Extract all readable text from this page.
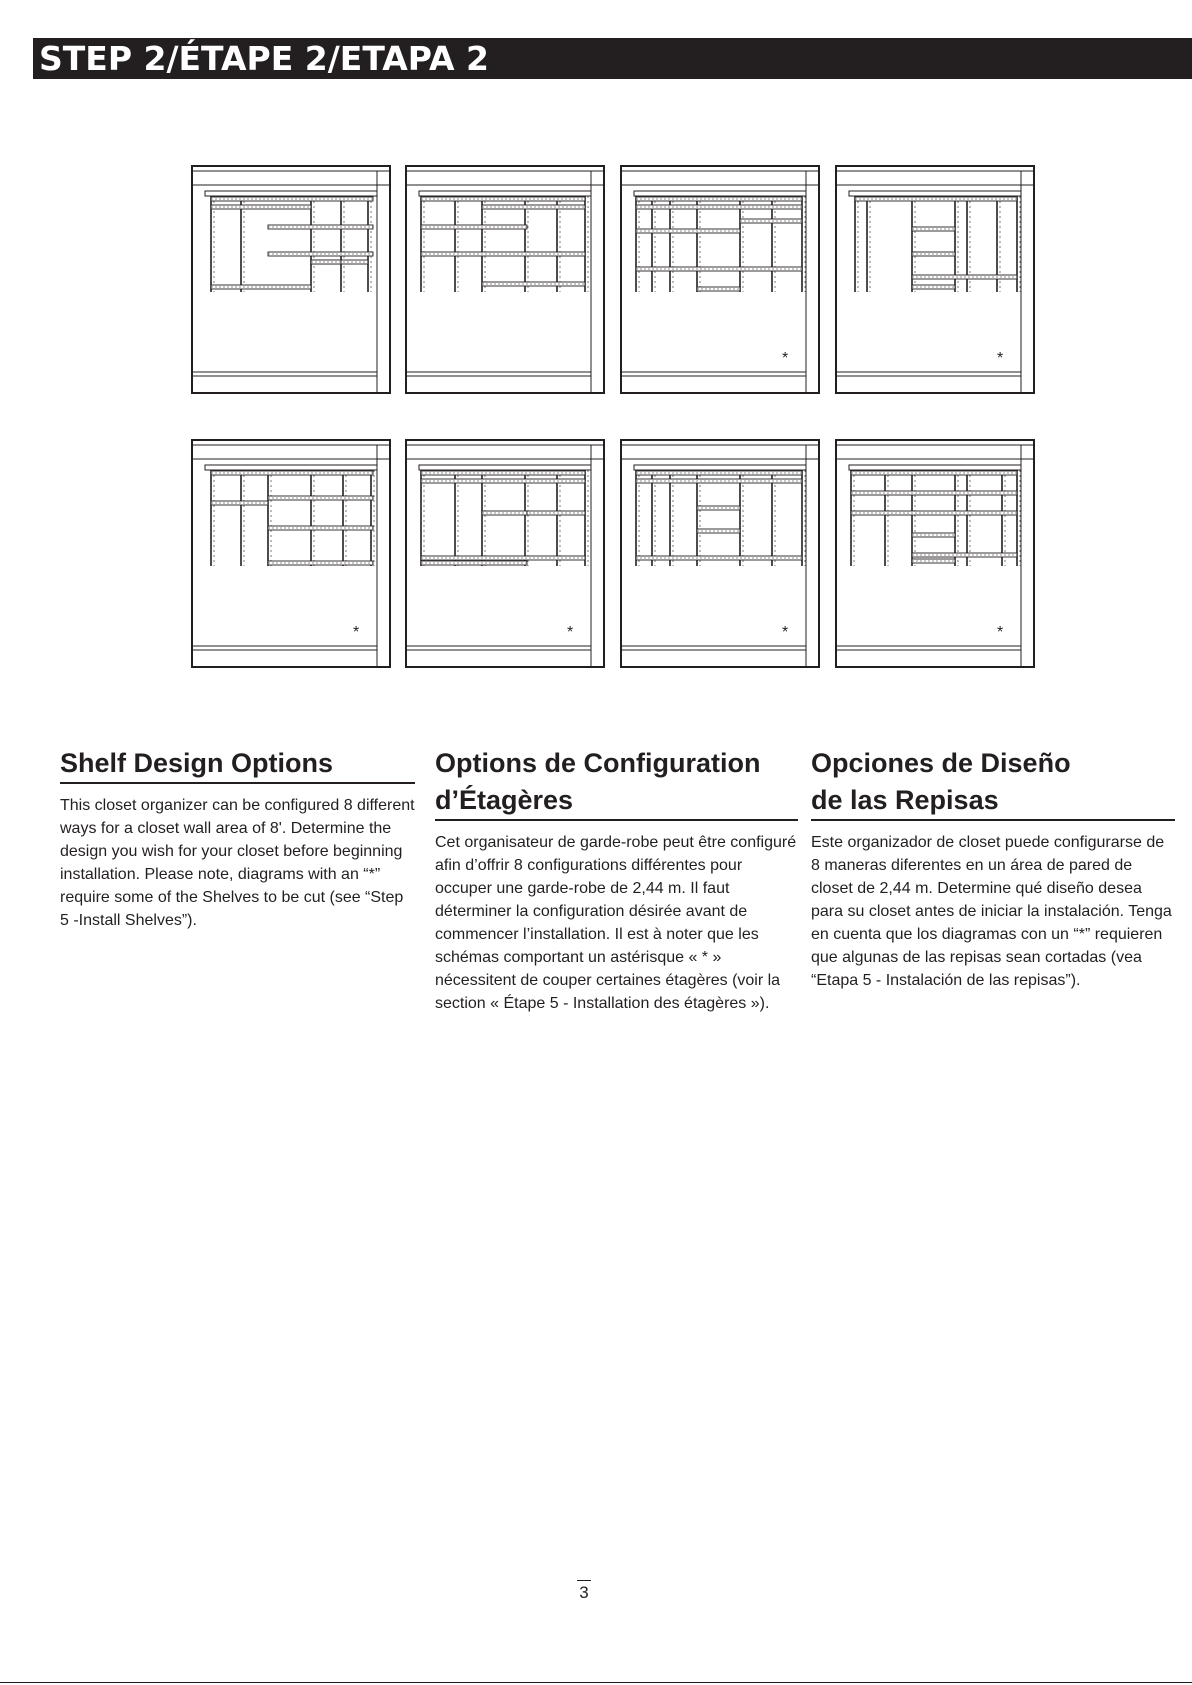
STEP 2/ÉTAPE 2/ETAPA 2
*	*
*	*	*	*
Shelf Design Options

This closet organizer can be configured 8 different ways for a closet wall area of 8'. Determine the design you wish for your closet before beginning installation. Please note, diagrams with an “*” require some of the Shelves to be cut (see “Step 5 -Install Shelves”).

Options de Configuration
d’Étagères

Cet organisateur de garde-robe peut être configuré afin d’offrir 8 configurations différentes pour occuper une garde-robe de 2,44 m. Il faut déterminer la configuration désirée avant de commencer l’installation. Il est à noter que les schémas comportant un astérisque « * » nécessitent de couper certaines étagères (voir la section « Étape 5 - Installation des étagères »).

Opciones de Diseño
de las Repisas

Este organizador de closet puede configurarse de 8 maneras diferentes en un área de pared de closet de 2,44 m. Determine qué diseño desea para su closet antes de iniciar la instalación. Tenga en cuenta que los diagramas con un “*” requieren que algunas de las repisas sean cortadas (vea “Etapa 5 - Instalación de las repisas”).

3
